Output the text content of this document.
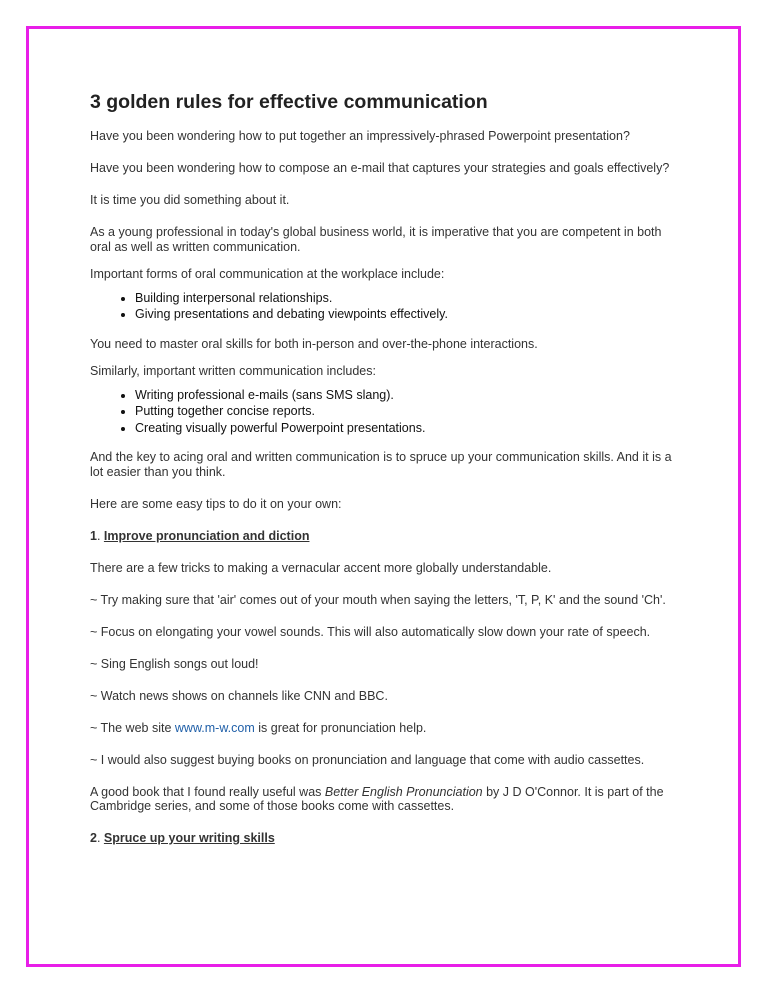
3 golden rules for effective communication

Have you been wondering how to put together an impressively-phrased Powerpoint presentation?

Have you been wondering how to compose an e-mail that captures your strategies and goals effectively?

It is time you did something about it.

As a young professional in today's global business world, it is imperative that you are competent in both oral as well as written communication.

Important forms of oral communication at the workplace include:

• Building interpersonal relationships.
• Giving presentations and debating viewpoints effectively.

You need to master oral skills for both in-person and over-the-phone interactions.

Similarly, important written communication includes:

• Writing professional e-mails (sans SMS slang).
• Putting together concise reports.
• Creating visually powerful Powerpoint presentations.

And the key to acing oral and written communication is to spruce up your communication skills. And it is a lot easier than you think.

Here are some easy tips to do it on your own:

1. Improve pronunciation and diction

There are a few tricks to making a vernacular accent more globally understandable.

~ Try making sure that 'air' comes out of your mouth when saying the letters, 'T, P, K' and the sound 'Ch'.

~ Focus on elongating your vowel sounds. This will also automatically slow down your rate of speech.

~ Sing English songs out loud!

~ Watch news shows on channels like CNN and BBC.

~ The web site www.m-w.com is great for pronunciation help.

~ I would also suggest buying books on pronunciation and language that come with audio cassettes.

A good book that I found really useful was Better English Pronunciation by J D O'Connor. It is part of the Cambridge series, and some of those books come with cassettes.

2. Spruce up your writing skills
